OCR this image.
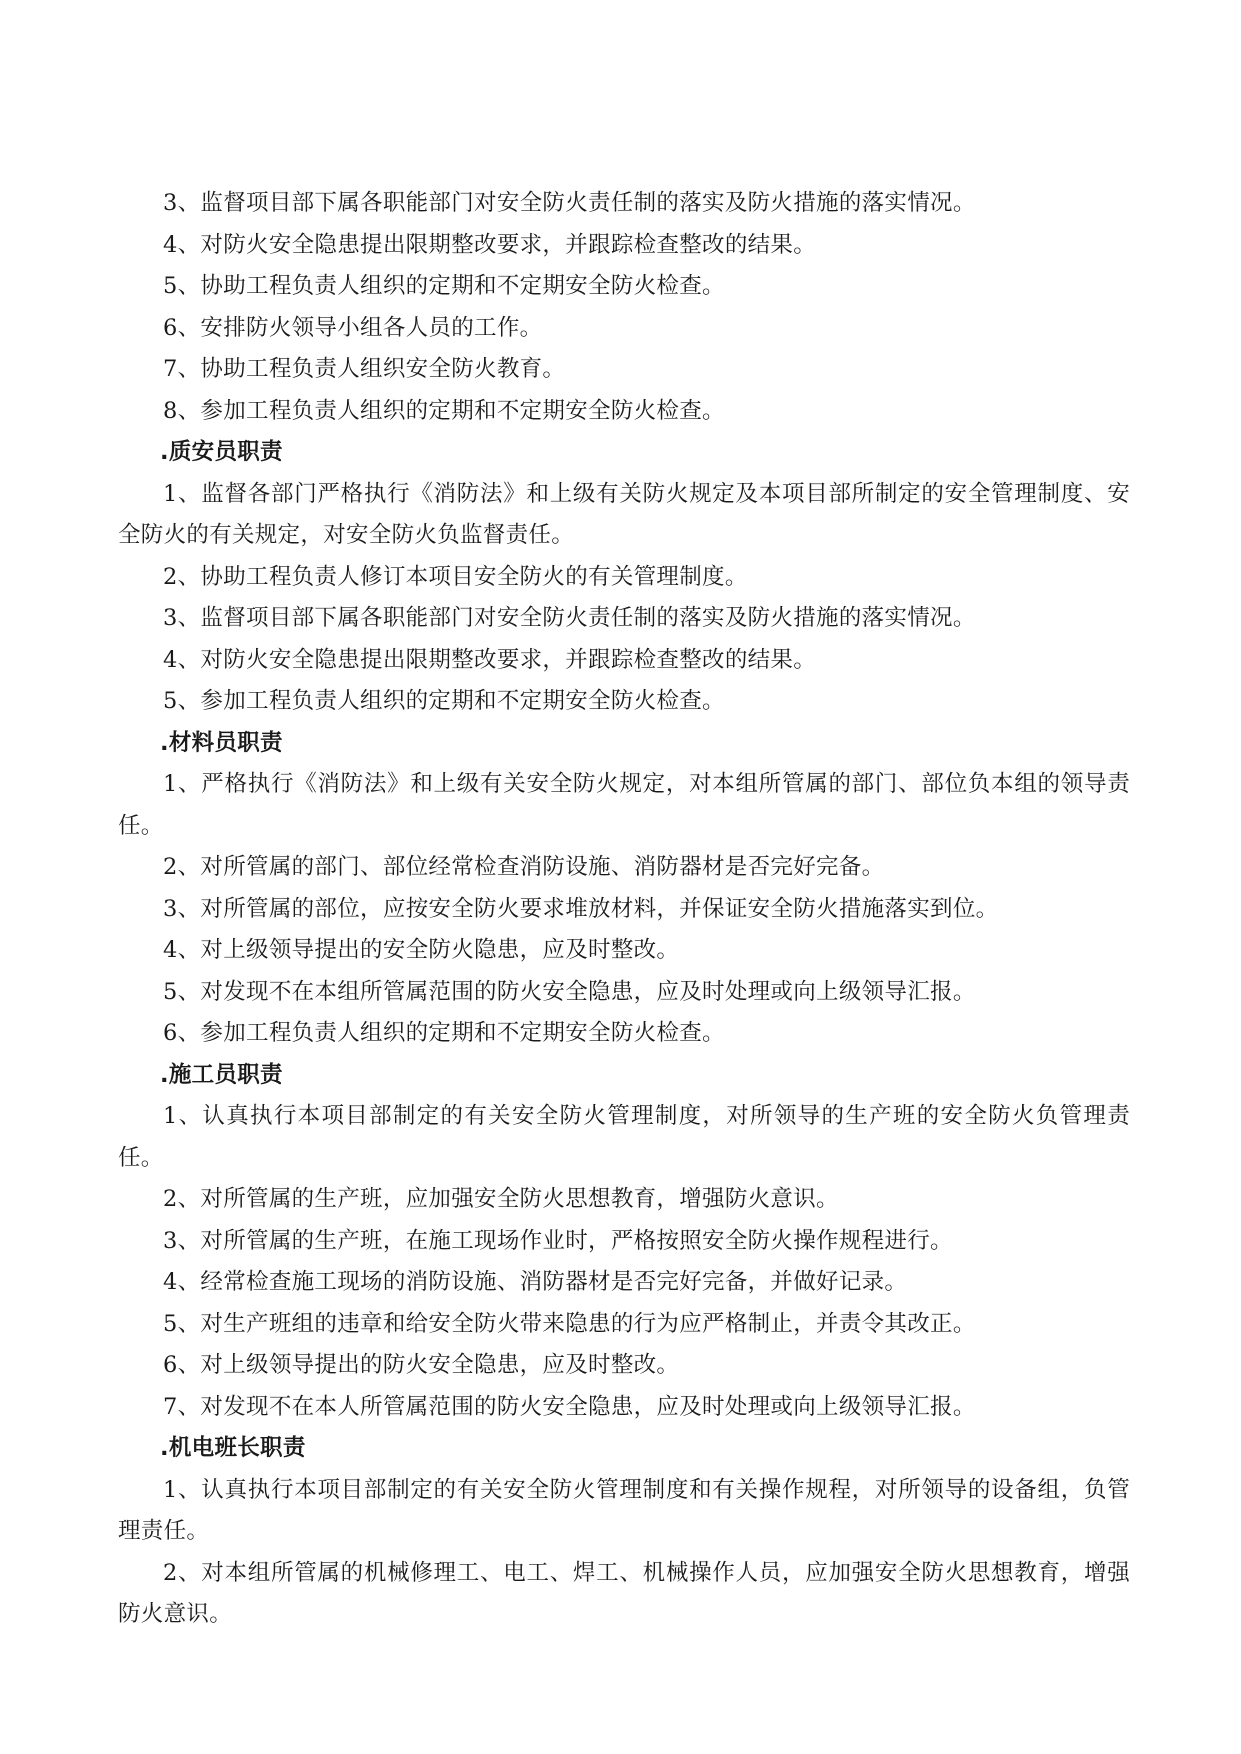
3、监督项目部下属各职能部门对安全防火责任制的落实及防火措施的落实情况。

4、对防火安全隐患提出限期整改要求，并跟踪检查整改的结果。

5、协助工程负责人组织的定期和不定期安全防火检查。

6、安排防火领导小组各人员的工作。

7、协助工程负责人组织安全防火教育。

8、参加工程负责人组织的定期和不定期安全防火检查。

.质安员职责

1、监督各部门严格执行《消防法》和上级有关防火规定及本项目部所制定的安全管理制度、安全防火的有关规定，对安全防火负监督责任。

2、协助工程负责人修订本项目安全防火的有关管理制度。

3、监督项目部下属各职能部门对安全防火责任制的落实及防火措施的落实情况。

4、对防火安全隐患提出限期整改要求，并跟踪检查整改的结果。

5、参加工程负责人组织的定期和不定期安全防火检查。

.材料员职责

1、严格执行《消防法》和上级有关安全防火规定，对本组所管属的部门、部位负本组的领导责任。

2、对所管属的部门、部位经常检查消防设施、消防器材是否完好完备。

3、对所管属的部位，应按安全防火要求堆放材料，并保证安全防火措施落实到位。

4、对上级领导提出的安全防火隐患，应及时整改。

5、对发现不在本组所管属范围的防火安全隐患，应及时处理或向上级领导汇报。

6、参加工程负责人组织的定期和不定期安全防火检查。

.施工员职责

1、认真执行本项目部制定的有关安全防火管理制度，对所领导的生产班的安全防火负管理责任。

2、对所管属的生产班，应加强安全防火思想教育，增强防火意识。

3、对所管属的生产班，在施工现场作业时，严格按照安全防火操作规程进行。

4、经常检查施工现场的消防设施、消防器材是否完好完备，并做好记录。

5、对生产班组的违章和给安全防火带来隐患的行为应严格制止，并责令其改正。

6、对上级领导提出的防火安全隐患，应及时整改。

7、对发现不在本人所管属范围的防火安全隐患，应及时处理或向上级领导汇报。

.机电班长职责

1、认真执行本项目部制定的有关安全防火管理制度和有关操作规程，对所领导的设备组，负管理责任。

2、对本组所管属的机械修理工、电工、焊工、机械操作人员，应加强安全防火思想教育，增强防火意识。
